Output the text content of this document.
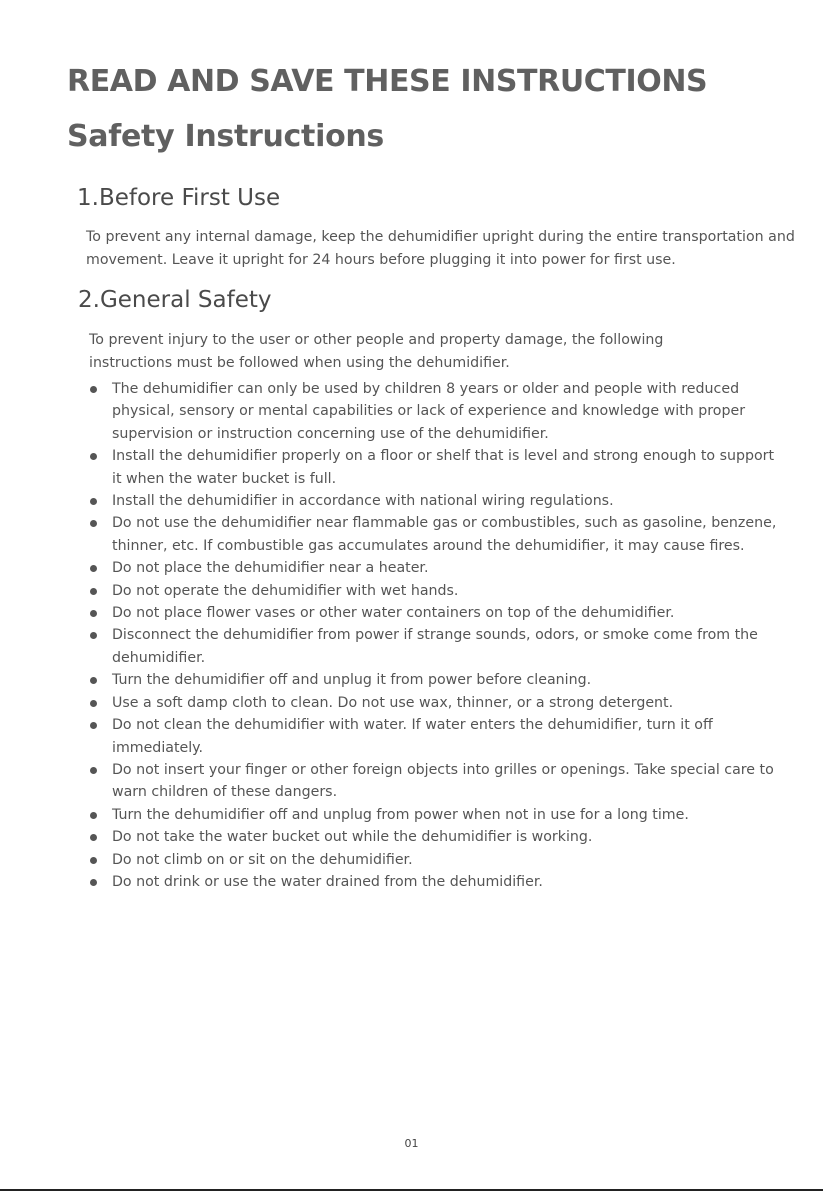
READ AND SAVE THESE INSTRUCTIONS
Safety Instructions
1.Before First Use

To prevent any internal damage, keep the dehumidifier upright during the entire transportation and movement. Leave it upright for 24 hours before plugging it into power for first use.

2.General Safety

To prevent injury to the user or other people and property damage, the following instructions must be followed when using the dehumidifier.

The dehumidifier can only be used by children 8 years or older and people with reduced physical, sensory or mental capabilities or lack of experience and knowledge with proper supervision or instruction concerning use of the dehumidifier.
Install the dehumidifier properly on a floor or shelf that is level and strong enough to support it when the water bucket is full.
Install the dehumidifier in accordance with national wiring regulations.
Do not use the dehumidifier near flammable gas or combustibles, such as gasoline, benzene, thinner, etc. If combustible gas accumulates around the dehumidifier, it may cause fires.
Do not place the dehumidifier near a heater.
Do not operate the dehumidifier with wet hands.
Do not place flower vases or other water containers on top of the dehumidifier.
Disconnect the dehumidifier from power if strange sounds, odors, or smoke come from the dehumidifier.
Turn the dehumidifier off and unplug it from power before cleaning.
Use a soft damp cloth to clean. Do not use wax, thinner, or a strong detergent.
Do not clean the dehumidifier with water. If water enters the dehumidifier, turn it off immediately.
Do not insert your finger or other foreign objects into grilles or openings. Take special care to warn children of these dangers.
Turn the dehumidifier off and unplug from power when not in use for a long time.
Do not take the water bucket out while the dehumidifier is working.
Do not climb on or sit on the dehumidifier.
Do not drink or use the water drained from the dehumidifier.
01
